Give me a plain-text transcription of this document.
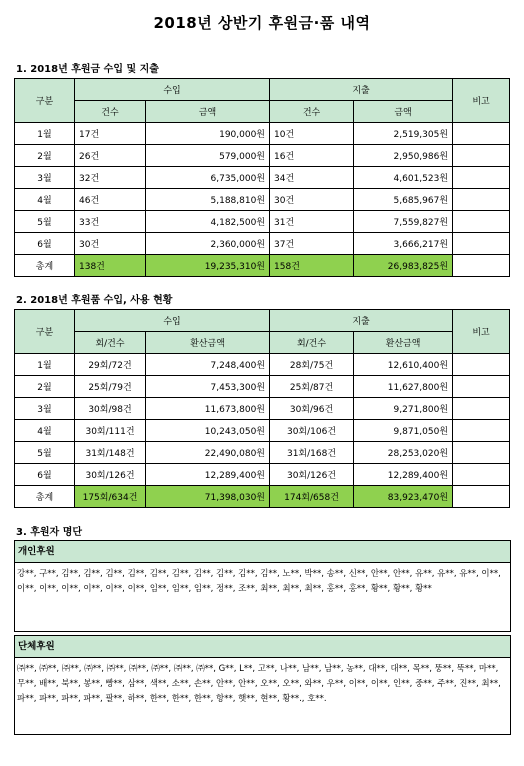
2018년 상반기 후원금·품 내역
1. 2018년 후원금 수입 및 지출
구분	수입		지출		비고
	건수	금액	건수	금액	
1월	17건	190,000원	10건	2,519,305원	
2월	26건	579,000원	16건	2,950,986원	
3월	32건	6,735,000원	34건	4,601,523원	
4월	46건	5,188,810원	30건	5,685,967원	
5월	33건	4,182,500원	31건	7,559,827원	
6월	30건	2,360,000원	37건	3,666,217원	
총계	138건	19,235,310원	158건	26,983,825원	
2. 2018년 후원품 수입, 사용 현황
구분	수입		지출		비고
	회/건수	환산금액	회/건수	환산금액	
1월	29회/72건	7,248,400원	28회/75건	12,610,400원	
2월	25회/79건	7,453,300원	25회/87건	11,627,800원	
3월	30회/98건	11,673,800원	30회/96건	9,271,800원	
4월	30회/111건	10,243,050원	30회/106건	9,871,050원	
5월	31회/148건	22,490,080원	31회/168건	28,253,020원	
6월	30회/126건	12,289,400원	30회/126건	12,289,400원	
총계	175회/634건	71,398,030원	174회/658건	83,923,470원	
3. 후원자 명단
개인후원
강**, 구**, 김**, 김**, 김**, 김**, 김**, 김**, 김**, 김**, 김**, 김**, 노**, 박**, 송**, 신**, 안**, 안**, 유**, 유**, 유**, 이**, 이**, 이**, 이**, 이**, 이**, 이**, 임**, 임**, 임**, 정**, 조**, 최**, 최**, 최**, 홍**, 홍**, 황**, 황**, 황**
단체후원
㈜**, ㈜**, ㈜**, ㈜**, ㈜**, ㈜**, ㈜**, ㈜**, ㈜**, G**, L**, 고**, 나**, 남**, 남**, 농**, 대**, 대**, 목**, 뚱**, 뚝**, 마**, 무**, 배**, 북**, 봉**, 빵**, 삼**, 색**, 소**, 손**, 안**, 안**, 오**, 오**, 와**, 우**, 이**, 이**, 인**, 중**, 주**, 진**, 최**, 파**, 파**, 파**, 파**, 팔**, 하**, 한**, 한**, 한**, 항**, 햇**, 현**, 황**., 호**.
